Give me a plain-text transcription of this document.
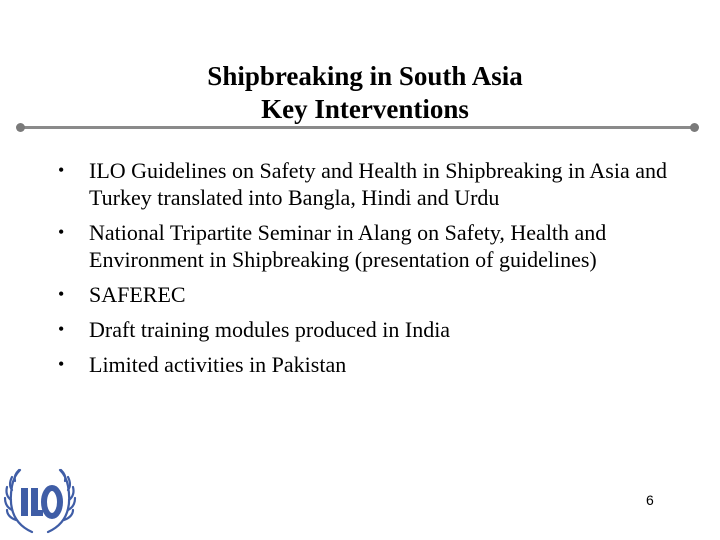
Shipbreaking in South Asia
Key Interventions
• ILO Guidelines on Safety and Health in Shipbreaking in Asia and Turkey translated into Bangla, Hindi and Urdu
• National Tripartite Seminar in Alang on Safety, Health and Environment in Shipbreaking (presentation of guidelines)
• SAFEREC
• Draft training modules produced in India
• Limited activities in Pakistan
6
